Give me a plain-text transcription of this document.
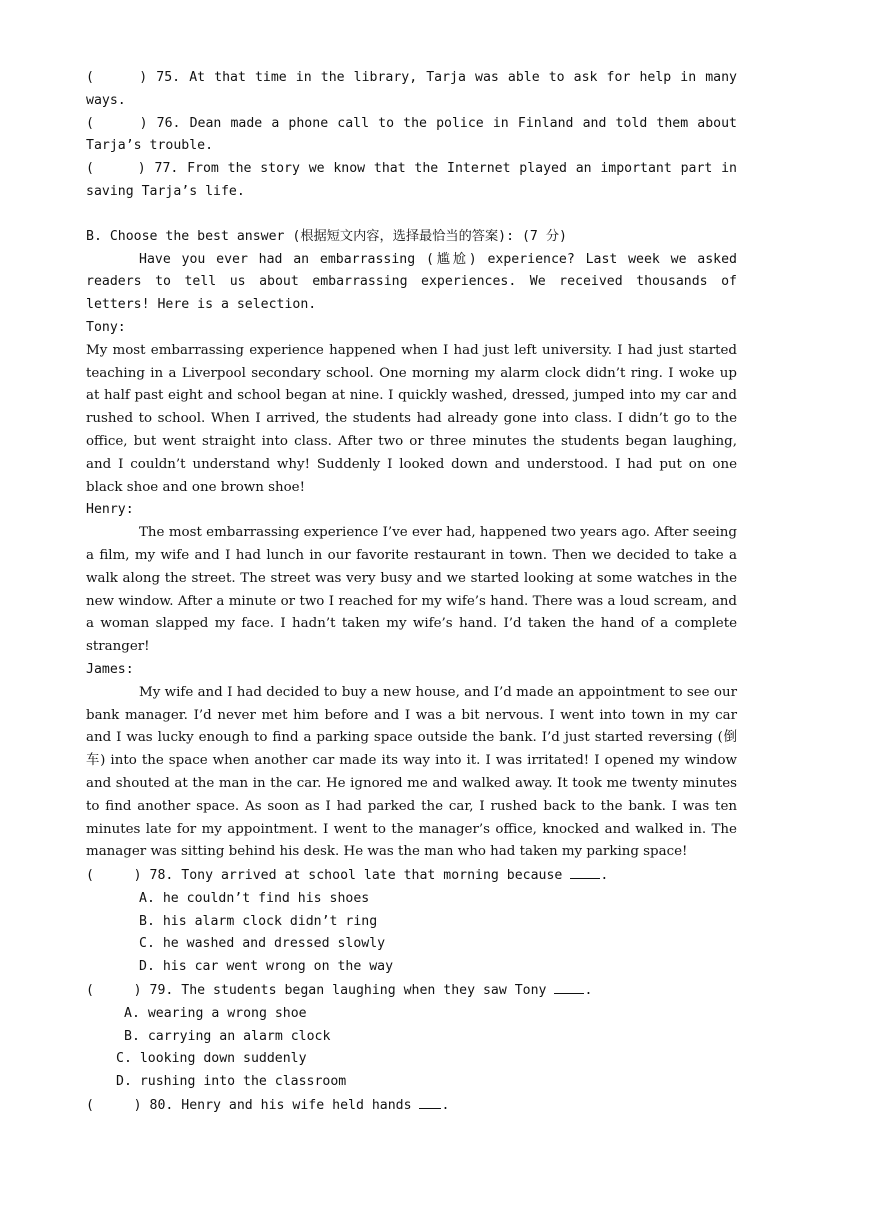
(     ) 75. At that time in the library, Tarja was able to ask for help in many ways.

(     ) 76. Dean made a phone call to the police in Finland and told them about Tarja’s trouble.

(     ) 77. From the story we know that the Internet played an important part in saving Tarja’s life.

B. Choose the best answer (根据短文内容，选择最恰当的答案): (7 分)

Have you ever had an embarrassing (尴尬) experience? Last week we asked readers to tell us about embarrassing experiences. We received thousands of letters! Here is a selection.

Tony:

My most embarrassing experience happened when I had just left university. I had just started teaching in a Liverpool secondary school. One morning my alarm clock didn’t ring. I woke up at half past eight and school began at nine. I quickly washed, dressed, jumped into my car and rushed to school. When I arrived, the students had already gone into class. I didn’t go to the office, but went straight into class. After two or three minutes the students began laughing, and I couldn’t understand why! Suddenly I looked down and understood. I had put on one black shoe and one brown shoe!

Henry:

The most embarrassing experience I’ve ever had, happened two years ago. After seeing a film, my wife and I had lunch in our favorite restaurant in town. Then we decided to take a walk along the street. The street was very busy and we started looking at some watches in the new window. After a minute or two I reached for my wife’s hand. There was a loud scream, and a woman slapped my face. I hadn’t taken my wife’s hand. I’d taken the hand of a complete stranger!

James:

My wife and I had decided to buy a new house, and I’d made an appointment to see our bank manager. I’d never met him before and I was a bit nervous. I went into town in my car and I was lucky enough to find a parking space outside the bank. I’d just started reversing (倒车) into the space when another car made its way into it. I was irritated! I opened my window and shouted at the man in the car. He ignored me and walked away. It took me twenty minutes to find another space. As soon as I had parked the car, I rushed back to the bank. I was ten minutes late for my appointment. I went to the manager’s office, knocked and walked in. The manager was sitting behind his desk. He was the man who had taken my parking space!

(     ) 78. Tony arrived at school late that morning because .

A. he couldn’t find his shoes

B. his alarm clock didn’t ring

C. he washed and dressed slowly

D. his car went wrong on the way

(     ) 79. The students began laughing when they saw Tony .

A. wearing a wrong shoe

B. carrying an alarm clock

C. looking down suddenly

D. rushing into the classroom

(     ) 80. Henry and his wife held hands .
